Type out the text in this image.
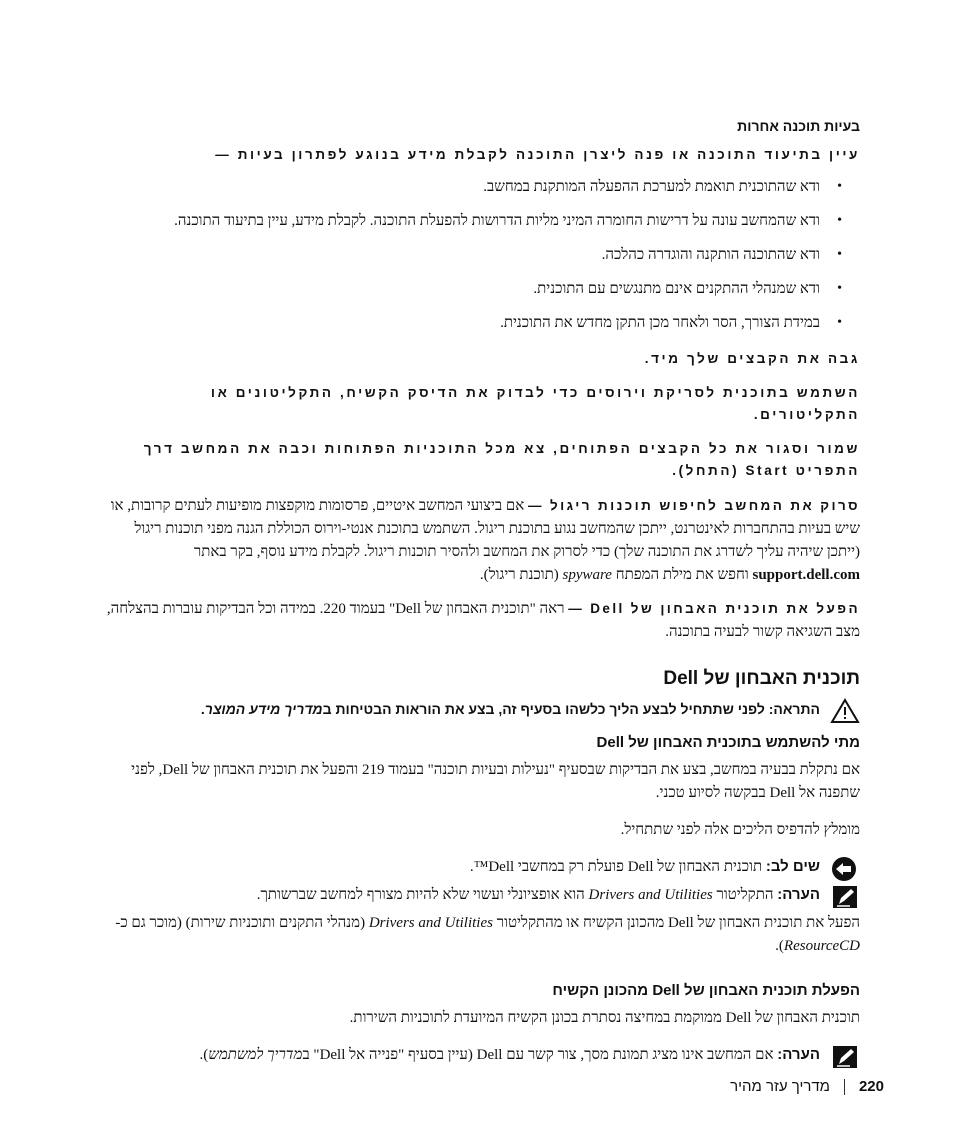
בעיות תוכנה אחרות
עיין בתיעוד התוכנה או פנה ליצרן התוכנה לקבלת מידע בנוגע לפתרון בעיות —
•
ודא שהתוכנית תואמת למערכת ההפעלה המותקנת במחשב.
•
ודא שהמחשב עונה על דרישות החומרה המיני מליות הדרושות להפעלת התוכנה. לקבלת מידע, עיין בתיעוד התוכנה.
•
ודא שהתוכנה הותקנה והוגדרה כהלכה.
•
ודא שמנהלי ההתקנים אינם מתנגשים עם התוכנית.
•
במידת הצורך, הסר ולאחר מכן התקן מחדש את התוכנית.
גבה את הקבצים שלך מיד.
השתמש בתוכנית לסריקת וירוסים כדי לבדוק את הדיסק הקשיח, התקליטונים או התקליטורים.
שמור וסגור את כל הקבצים הפתוחים, צא מכל התוכניות הפתוחות וכבה את המחשב דרך התפריט Start (התחל).

סרוק את המחשב לחיפוש תוכנות ריגול — אם ביצועי המחשב איטיים, פרסומות מוקפצות מופיעות לעתים קרובות, או שיש בעיות בהתחברות לאינטרנט, ייתכן שהמחשב נגוע בתוכנת ריגול. השתמש בתוכנת אנטי-וירוס הכוללת הגנה מפני תוכנות ריגול (ייתכן שיהיה עליך לשדרג את התוכנה שלך) כדי לסרוק את המחשב ולהסיר תוכנות ריגול. לקבלת מידע נוסף, בקר באתר support.dell.com וחפש את מילת המפתח spyware (תוכנת ריגול).

הפעל את תוכנית האבחון של Dell — ראה "תוכנית האבחון של Dell" בעמוד 220. במידה וכל הבדיקות עוברות בהצלחה, מצב השגיאה קשור לבעיה בתוכנה.

תוכנית האבחון של Dell
התראה: לפני שתתחיל לבצע הליך כלשהו בסעיף זה, בצע את הוראות הבטיחות במדריך מידע המוצר.
מתי להשתמש בתוכנית האבחון של Dell

אם נתקלת בבעיה במחשב, בצע את הבדיקות שבסעיף "נעילות ובעיות תוכנה" בעמוד 219 והפעל את תוכנית האבחון של Dell, לפני שתפנה אל Dell בבקשה לסיוע טכני.

מומלץ להדפיס הליכים אלה לפני שתתחיל.

שים לב: תוכנית האבחון של Dell פועלת רק במחשבי Dell™.
הערה: התקליטור Drivers and Utilities הוא אופציונלי ועשוי שלא להיות מצורף למחשב שברשותך.

הפעל את תוכנית האבחון של Dell מהכונן הקשיח או מהתקליטור Drivers and Utilities (מנהלי התקנים ותוכניות שירות) (מוכר גם כ- ResourceCD).

הפעלת תוכנית האבחון של Dell מהכונן הקשיח

תוכנית האבחון של Dell ממוקמת במחיצה נסתרת בכונן הקשיח המיועדת לתוכניות השירות.

הערה: אם המחשב אינו מציג תמונת מסך, צור קשר עם Dell (עיין בסעיף "פנייה אל Dell" במדריך למשתמש).
220
מדריך עזר מהיר
